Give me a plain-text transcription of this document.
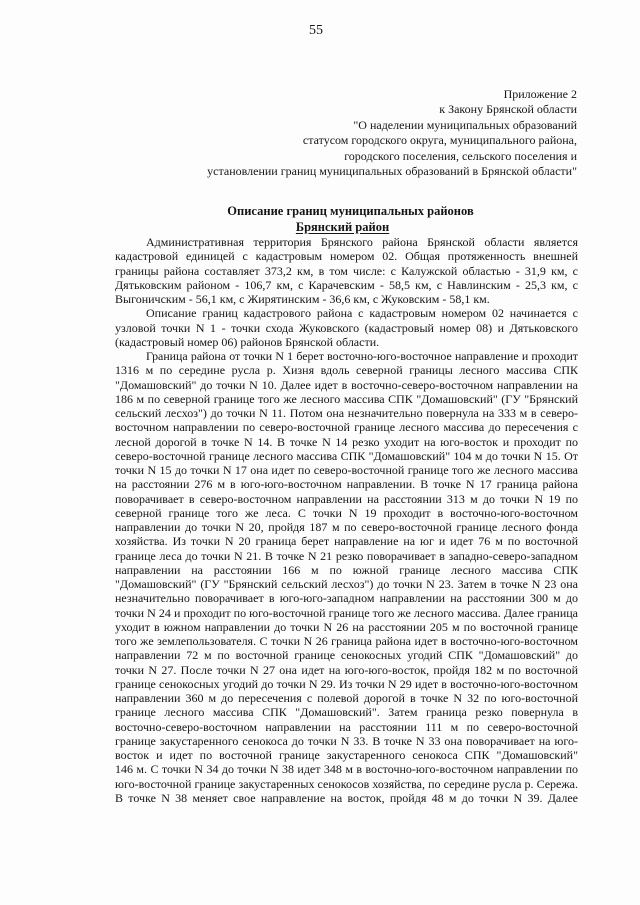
55
Приложение 2
к Закону Брянской области
"О наделении муниципальных образований
статусом городского округа, муниципального района,
городского поселения, сельского поселения и
установлении границ муниципальных образований в Брянской области"
Описание границ муниципальных районов
Брянский район
Административная территория Брянского района Брянской области является
кадастровой единицей с кадастровым номером 02. Общая протяженность внешней
границы района составляет 373,2 км, в том числе: с Калужской областью - 31,9 км, с
Дятьковским районом - 106,7 км, с Карачевским - 58,5 км, с Навлинским - 25,3 км, с
Выгоничским - 56,1 км, с Жирятинским - 36,6 км, с Жуковским - 58,1 км.
Описание границ кадастрового района с кадастровым номером 02 начинается с
узловой точки N 1 - точки схода Жуковского (кадастровый номер 08) и Дятьковского
(кадастровый номер 06) районов Брянской области.
Граница района от точки N 1 берет восточно-юго-восточное направление и проходит
1316 м по середине русла р. Хизня вдоль северной границы лесного массива СПК
"Домашовский" до точки N 10. Далее идет в восточно-северо-восточном направлении на
186 м по северной границе того же лесного массива СПК "Домашовский" (ГУ "Брянский
сельский лесхоз") до точки N 11. Потом она незначительно повернула на 333 м в северо-
восточном направлении по северо-восточной границе лесного массива до пересечения с
лесной дорогой в точке N 14. В точке N 14 резко уходит на юго-восток и проходит по
северо-восточной границе лесного массива СПК "Домашовский" 104 м до точки N 15. От
точки N 15 до точки N 17 она идет по северо-восточной границе того же лесного массива
на расстоянии 276 м в юго-юго-восточном направлении. В точке N 17 граница района
поворачивает в северо-восточном направлении на расстоянии 313 м до точки N 19 по
северной границе того же леса. С точки N 19 проходит в восточно-юго-восточном
направлении до точки N 20, пройдя 187 м по северо-восточной границе лесного фонда
хозяйства. Из точки N 20 граница берет направление на юг и идет 76 м по восточной
границе леса до точки N 21. В точке N 21 резко поворачивает в западно-северо-западном
направлении на расстоянии 166 м по южной границе лесного массива СПК
"Домашовский" (ГУ "Брянский сельский лесхоз") до точки N 23. Затем в точке N 23 она
незначительно поворачивает в юго-юго-западном направлении на расстоянии 300 м до
точки N 24 и проходит по юго-восточной границе того же лесного массива. Далее граница
уходит в южном направлении до точки N 26 на расстоянии 205 м по восточной границе
того же землепользователя. С точки N 26 граница района идет в восточно-юго-восточном
направлении 72 м по восточной границе сенокосных угодий СПК "Домашовский" до
точки N 27. После точки N 27 она идет на юго-юго-восток, пройдя 182 м по восточной
границе сенокосных угодий до точки N 29. Из точки N 29 идет в восточно-юго-восточном
направлении 360 м до пересечения с полевой дорогой в точке N 32 по юго-восточной
границе лесного массива СПК "Домашовский". Затем граница резко повернула в
восточно-северо-восточном направлении на расстоянии 111 м по северо-восточной
границе закустаренного сенокоса до точки N 33. В точке N 33 она поворачивает на юго-
восток и идет по восточной границе закустаренного сенокоса СПК "Домашовский"
146 м. С точки N 34 до точки N 38 идет 348 м в восточно-юго-восточном направлении по
юго-восточной границе закустаренных сенокосов хозяйства, по середине русла р. Сережа.
В точке N 38 меняет свое направление на восток, пройдя 48 м до точки N 39. Далее
